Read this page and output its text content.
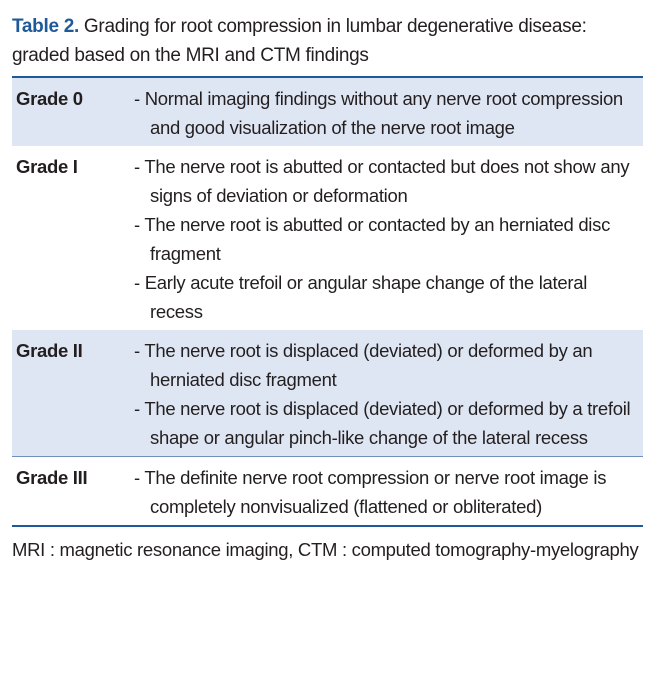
Table 2. Grading for root compression in lumbar degenerative disease: graded based on the MRI and CTM findings
Grade 0	- Normal imaging findings without any nerve root compression and good visualization of the nerve root image
Grade I	- The nerve root is abutted or contacted but does not show any signs of deviation or deformation
- The nerve root is abutted or contacted by an herniated disc fragment
- Early acute trefoil or angular shape change of the lateral recess
Grade II	- The nerve root is displaced (deviated) or deformed by an herniated disc fragment
- The nerve root is displaced (deviated) or deformed by a trefoil shape or angular pinch-like change of the lateral recess
Grade III	- The definite nerve root compression or nerve root image is completely nonvisualized (flattened or obliterated)
MRI : magnetic resonance imaging, CTM : computed tomography-myelography
